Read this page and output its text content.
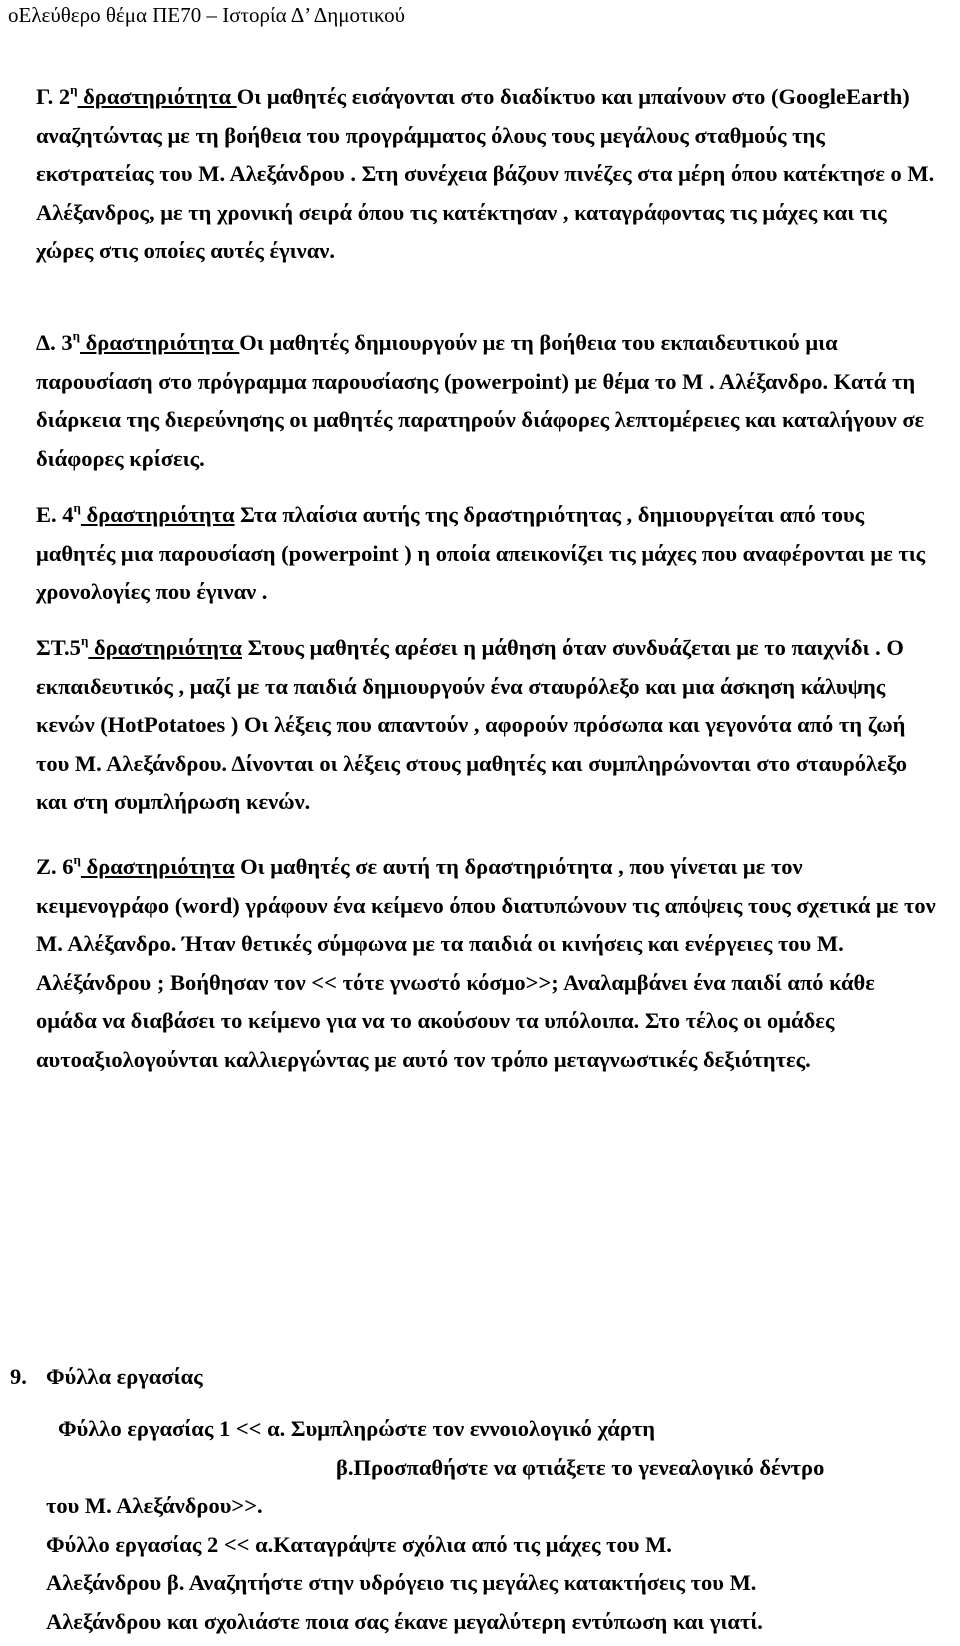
oΕλεύθερο θέμα ΠΕ70 – Ιστορία Δ’ Δημοτικού

Γ. $2^\eta$ δραστηριότητα Οι μαθητές εισάγονται στο διαδίκτυο και μπαίνουν στο (GoogleEarth) αναζητώντας με τη βοήθεια του προγράμματος όλους τους μεγάλους σταθμούς της εκστρατείας του Μ. Αλεξάνδρου . Στη συνέχεια βάζουν πινέζες στα μέρη όπου κατέκτησε ο Μ. Αλέξανδρος, με τη χρονική σειρά όπου τις κατέκτησαν , καταγράφοντας τις μάχες και τις χώρες στις οποίες αυτές έγιναν.

Δ. $3^\eta$ δραστηριότητα Οι μαθητές δημιουργούν με τη βοήθεια του εκπαιδευτικού μια παρουσίαση στο πρόγραμμα παρουσίασης (powerpoint) με θέμα το Μ . Αλέξανδρο. Κατά τη διάρκεια της διερεύνησης οι μαθητές παρατηρούν διάφορες λεπτομέρειες και καταλήγουν σε διάφορες κρίσεις.

Ε. $4^\eta$ δραστηριότητα Στα πλαίσια αυτής της δραστηριότητας , δημιουργείται από τους μαθητές μια παρουσίαση (powerpoint ) η οποία απεικονίζει τις μάχες που αναφέρονται με τις χρονολογίες που έγιναν .

$\Sigma T.5^\eta$ δραστηριότητα Στους μαθητές αρέσει η μάθηση όταν συνδυάζεται με το παιχνίδι . Ο εκπαιδευτικός , μαζί με τα παιδιά δημιουργούν ένα σταυρόλεξο και μια άσκηση κάλυψης κενών (HotPotatoes ) Οι λέξεις που απαντούν , αφορούν πρόσωπα και γεγονότα από τη ζωή του Μ. Αλεξάνδρου. Δίνονται οι λέξεις στους μαθητές και συμπληρώνονται στο σταυρόλεξο και στη συμπλήρωση κενών.

Ζ. $6^\eta$ δραστηριότητα Οι μαθητές σε αυτή τη δραστηριότητα , που γίνεται με τον κειμενογράφο (word) γράφουν ένα κείμενο όπου διατυπώνουν τις απόψεις τους σχετικά με τον Μ. Αλέξανδρο. Ήταν θετικές σύμφωνα με τα παιδιά οι κινήσεις και ενέργειες του Μ. Αλέξάνδρου ; Βοήθησαν τον << τότε γνωστό κόσμο>>; Αναλαμβάνει ένα παιδί από κάθε ομάδα να διαβάσει το κείμενο για να το ακούσουν τα υπόλοιπα. Στο τέλος οι ομάδες αυτοαξιολογούνται καλλιεργώντας με αυτό τον τρόπο μεταγνωστικές δεξιότητες.

9. Φύλλα εργασίας
Φύλλο εργασίας 1 << α. Συμπληρώστε τον εννοιολογικό χάρτη
β.Προσπαθήστε να φτιάξετε το γενεαλογικό δέντρο
του Μ. Αλεξάνδρου>>.
Φύλλο εργασίας 2 << α.Καταγράψτε σχόλια από τις μάχες του Μ.
Αλεξάνδρου β. Αναζητήστε στην υδρόγειο τις μεγάλες κατακτήσεις του Μ.
Αλεξάνδρου και σχολιάστε ποια σας έκανε μεγαλύτερη εντύπωση και γιατί.
